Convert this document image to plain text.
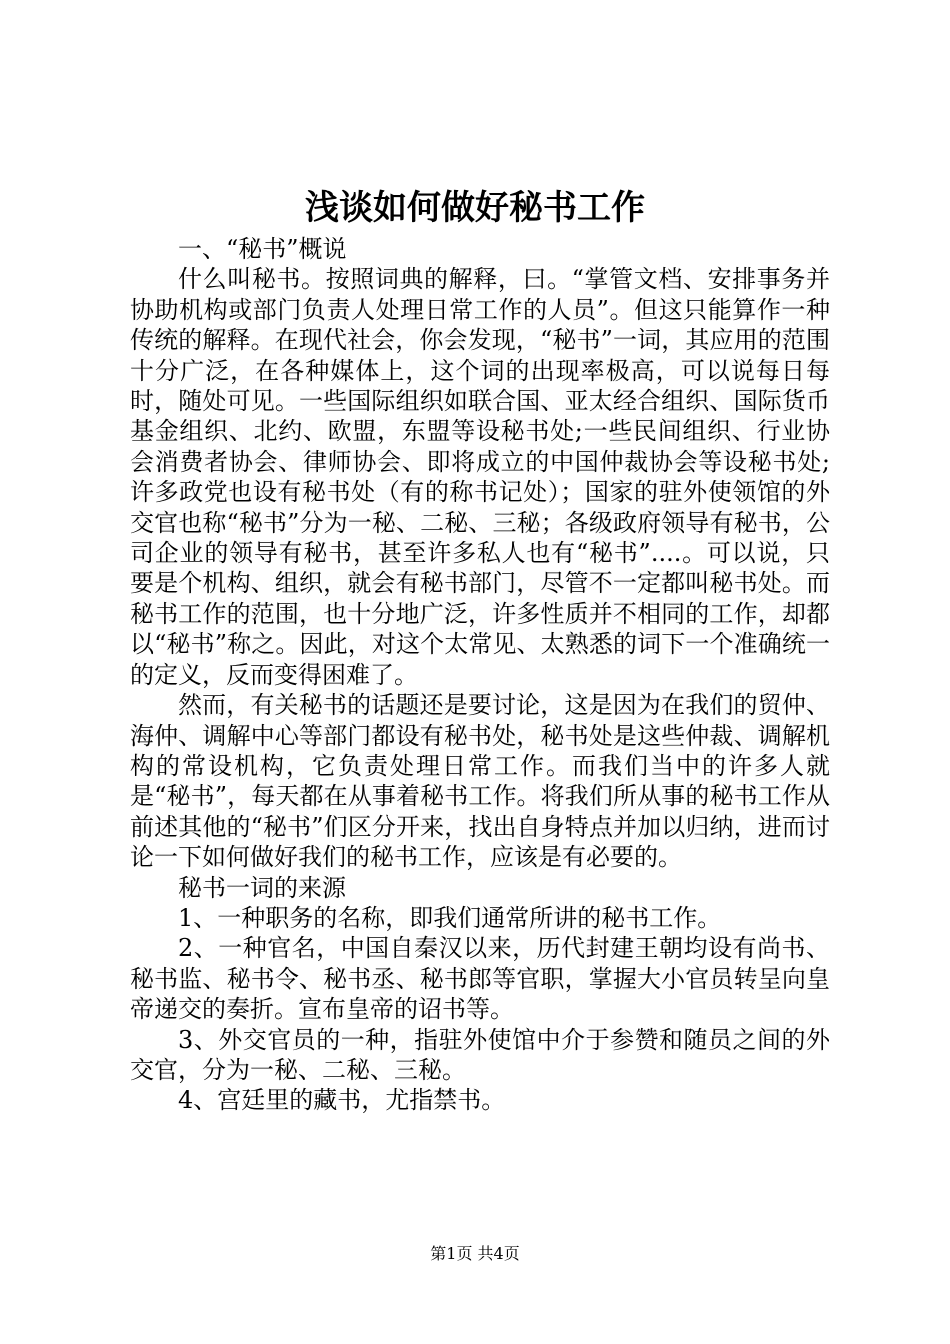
浅谈如何做好秘书工作

一、“秘书”概说

什么叫秘书。按照词典的解释，曰。“掌管文档、安排事务并协助机构或部门负责人处理日常工作的人员”。但这只能算作一种传统的解释。在现代社会，你会发现，“秘书”一词，其应用的范围十分广泛，在各种媒体上，这个词的出现率极高，可以说每日每时，随处可见。一些国际组织如联合国、亚太经合组织、国际货币基金组织、北约、欧盟，东盟等设秘书处;一些民间组织、行业协会消费者协会、律师协会、即将成立的中国仲裁协会等设秘书处;许多政党也设有秘书处（有的称书记处）；国家的驻外使领馆的外交官也称“秘书”分为一秘、二秘、三秘；各级政府领导有秘书，公司企业的领导有秘书，甚至许多私人也有“秘书”....。可以说，只要是个机构、组织，就会有秘书部门，尽管不一定都叫秘书处。而秘书工作的范围，也十分地广泛，许多性质并不相同的工作，却都以“秘书”称之。因此，对这个太常见、太熟悉的词下一个准确统一的定义，反而变得困难了。

然而，有关秘书的话题还是要讨论，这是因为在我们的贸仲、海仲、调解中心等部门都设有秘书处，秘书处是这些仲裁、调解机构的常设机构，它负责处理日常工作。而我们当中的许多人就是“秘书”，每天都在从事着秘书工作。将我们所从事的秘书工作从前述其他的“秘书”们区分开来，找出自身特点并加以归纳，进而讨论一下如何做好我们的秘书工作，应该是有必要的。

秘书一词的来源

1、一种职务的名称，即我们通常所讲的秘书工作。

2、一种官名，中国自秦汉以来，历代封建王朝均设有尚书、秘书监、秘书令、秘书丞、秘书郎等官职，掌握大小官员转呈向皇帝递交的奏折。宣布皇帝的诏书等。

3、外交官员的一种，指驻外使馆中介于参赞和随员之间的外交官，分为一秘、二秘、三秘。

4、宫廷里的藏书，尤指禁书。

第1页 共4页
